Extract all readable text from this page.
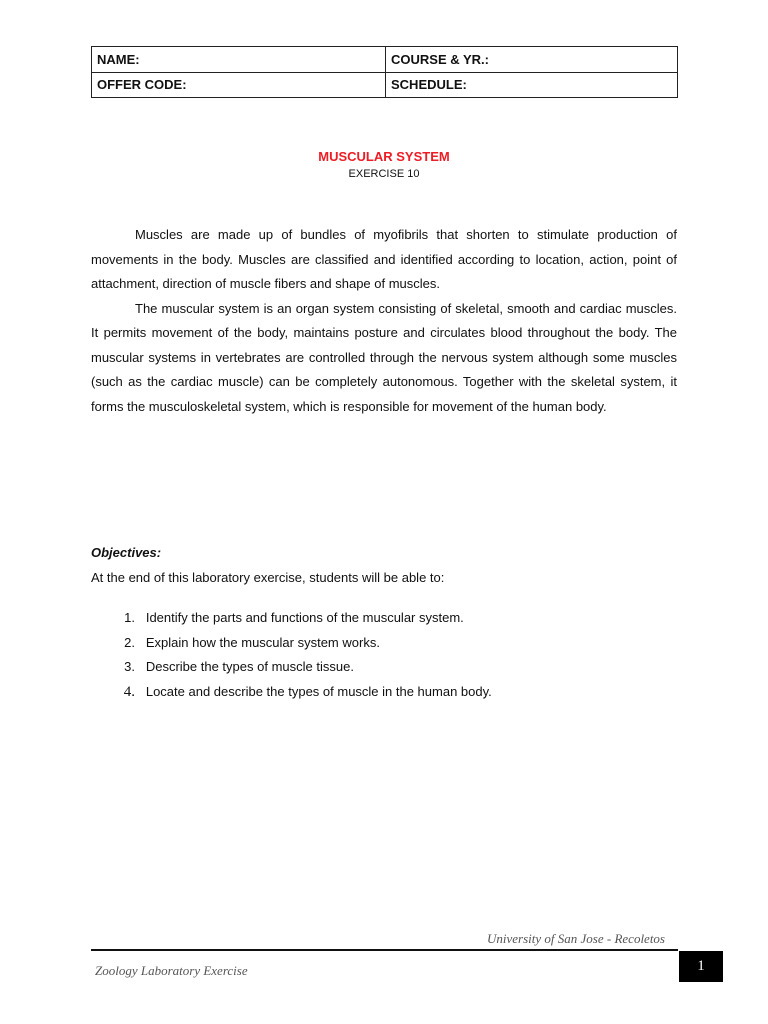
NAME:	COURSE & YR.:
OFFER CODE:	SCHEDULE:
MUSCULAR SYSTEM
EXERCISE 10

Muscles are made up of bundles of myofibrils that shorten to stimulate production of movements in the body. Muscles are classified and identified according to location, action, point of attachment, direction of muscle fibers and shape of muscles.

The muscular system is an organ system consisting of skeletal, smooth and cardiac muscles. It permits movement of the body, maintains posture and circulates blood throughout the body. The muscular systems in vertebrates are controlled through the nervous system although some muscles (such as the cardiac muscle) can be completely autonomous. Together with the skeletal system, it forms the musculoskeletal system, which is responsible for movement of the human body.

Objectives:
At the end of this laboratory exercise, students will be able to:
1. Identify the parts and functions of the muscular system.
2. Explain how the muscular system works.
3. Describe the types of muscle tissue.
4. Locate and describe the types of muscle in the human body.
University of San Jose - Recoletos
Zoology Laboratory Exercise	1
